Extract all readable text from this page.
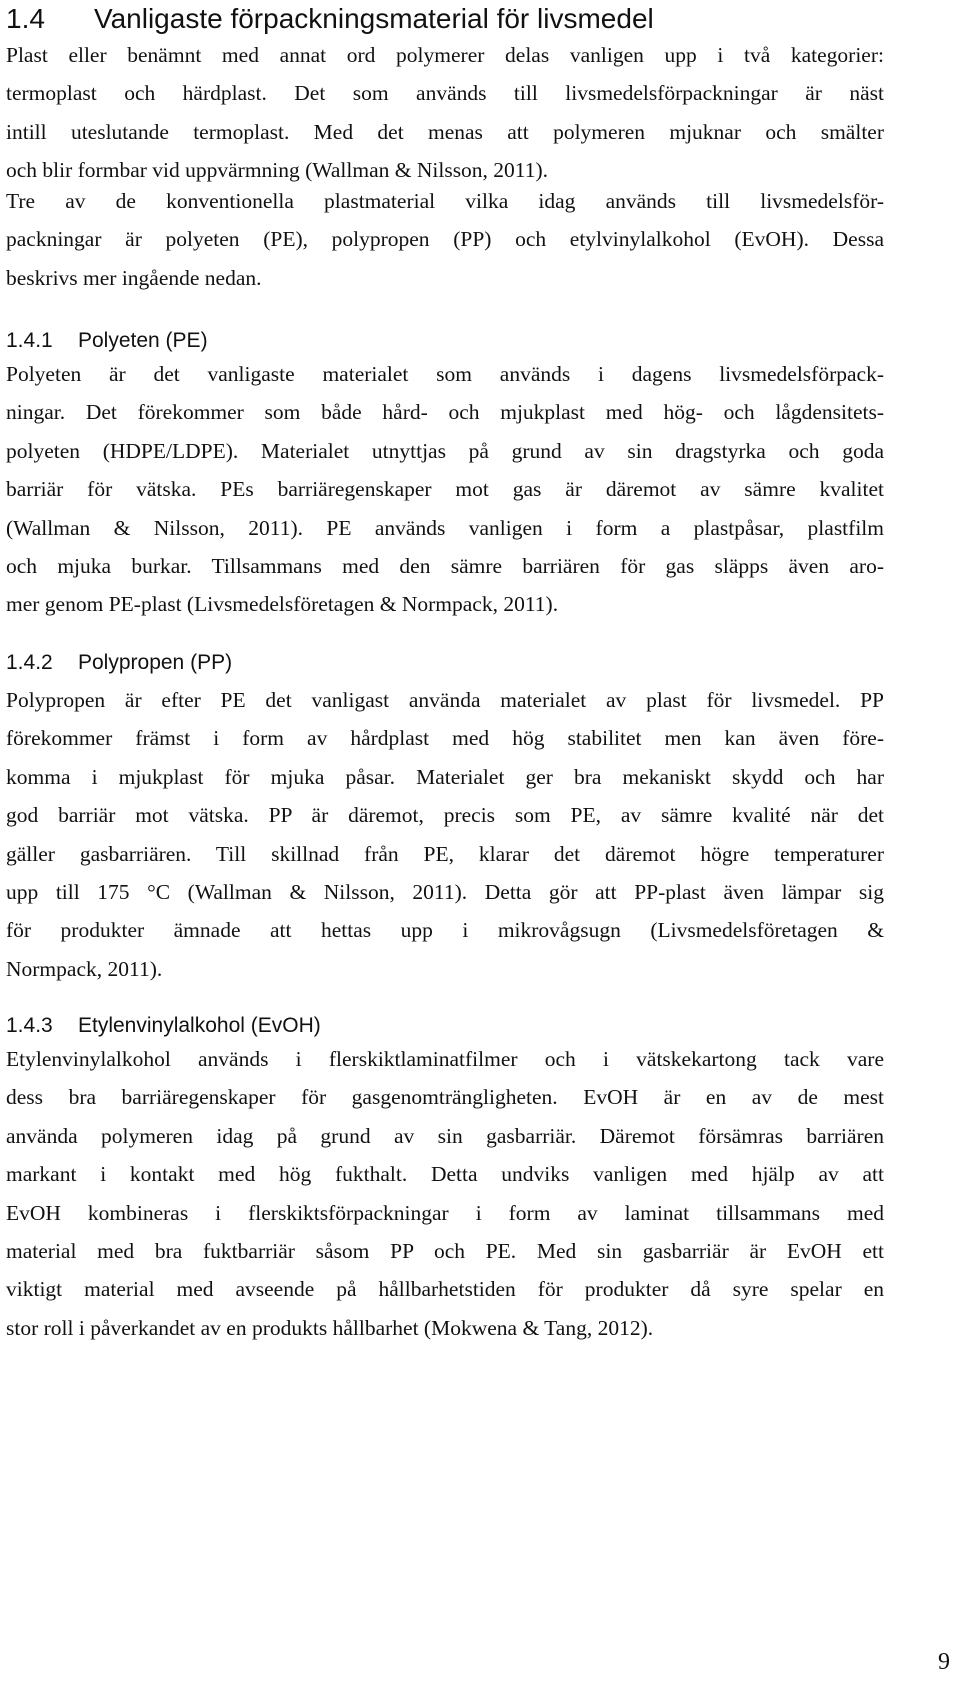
1.4 Vanligaste förpackningsmaterial för livsmedel
Plast eller benämnt med annat ord polymerer delas vanligen upp i två kategorier:
termoplast och härdplast. Det som används till livsmedelsförpackningar är näst
intill uteslutande termoplast. Med det menas att polymeren mjuknar och smälter
och blir formbar vid uppvärmning (Wallman & Nilsson, 2011).
Tre av de konventionella plastmaterial vilka idag används till livsmedelsför-
packningar är polyeten (PE), polypropen (PP) och etylvinylalkohol (EvOH). Dessa
beskrivs mer ingående nedan.
1.4.1 Polyeten (PE)
Polyeten är det vanligaste materialet som används i dagens livsmedelsförpack-
ningar. Det förekommer som både hård- och mjukplast med hög- och lågdensitets-
polyeten (HDPE/LDPE). Materialet utnyttjas på grund av sin dragstyrka och goda
barriär för vätska. PEs barriäregenskaper mot gas är däremot av sämre kvalitet
(Wallman & Nilsson, 2011). PE används vanligen i form a plastpåsar, plastfilm
och mjuka burkar. Tillsammans med den sämre barriären för gas släpps även aro-
mer genom PE-plast (Livsmedelsföretagen & Normpack, 2011).
1.4.2 Polypropen (PP)
Polypropen är efter PE det vanligast använda materialet av plast för livsmedel. PP
förekommer främst i form av hårdplast med hög stabilitet men kan även före-
komma i mjukplast för mjuka påsar. Materialet ger bra mekaniskt skydd och har
god barriär mot vätska. PP är däremot, precis som PE, av sämre kvalité när det
gäller gasbarriären. Till skillnad från PE, klarar det däremot högre temperaturer
upp till 175 °C (Wallman & Nilsson, 2011). Detta gör att PP-plast även lämpar sig
för produkter ämnade att hettas upp i mikrovågsugn (Livsmedelsföretagen &
Normpack, 2011).
1.4.3 Etylenvinylalkohol (EvOH)
Etylenvinylalkohol används i flerskiktlaminatfilmer och i vätskekartong tack vare
dess bra barriäregenskaper för gasgenomträngligheten. EvOH är en av de mest
använda polymeren idag på grund av sin gasbarriär. Däremot försämras barriären
markant i kontakt med hög fukthalt. Detta undviks vanligen med hjälp av att
EvOH kombineras i flerskiktsförpackningar i form av laminat tillsammans med
material med bra fuktbarriär såsom PP och PE. Med sin gasbarriär är EvOH ett
viktigt material med avseende på hållbarhetstiden för produkter då syre spelar en
stor roll i påverkandet av en produkts hållbarhet (Mokwena & Tang, 2012).
9
